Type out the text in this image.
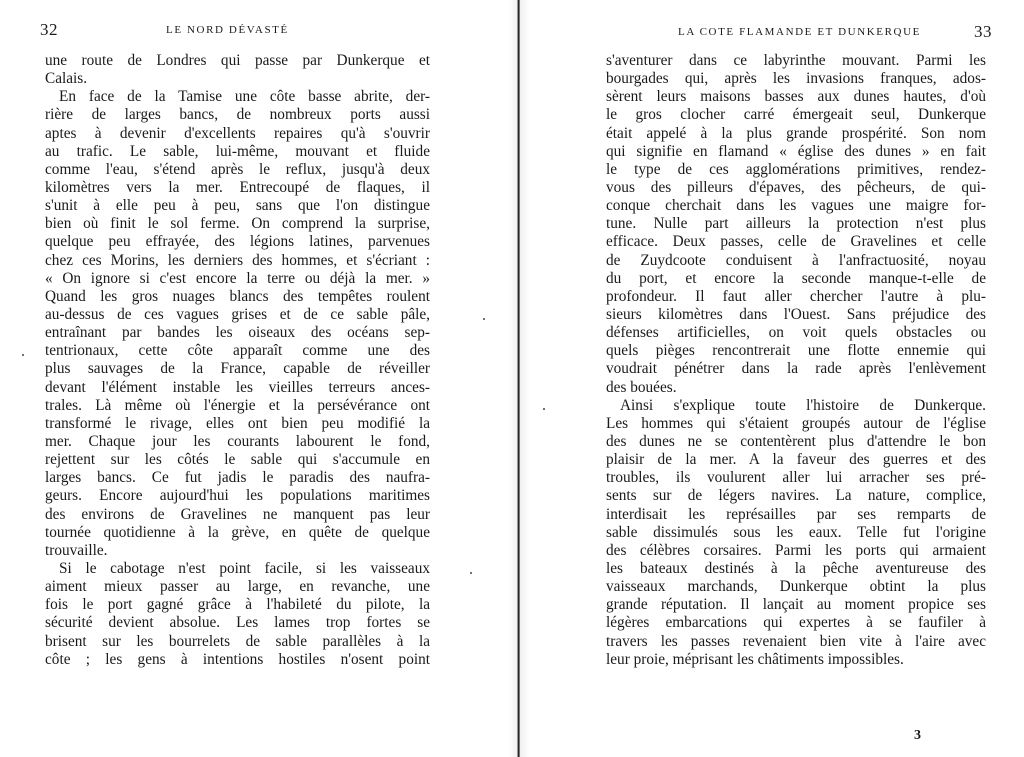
32	LE NORD DÉVASTÉ
une route de Londres qui passe par Dunkerque et
Calais.
En face de la Tamise une côte basse abrite, der-
rière de larges bancs, de nombreux ports aussi
aptes à devenir d'excellents repaires qu'à s'ouvrir
au trafic. Le sable, lui-même, mouvant et fluide
comme l'eau, s'étend après le reflux, jusqu'à deux
kilomètres vers la mer. Entrecoupé de flaques, il
s'unit à elle peu à peu, sans que l'on distingue
bien où finit le sol ferme. On comprend la surprise,
quelque peu effrayée, des légions latines, parvenues
chez ces Morins, les derniers des hommes, et s'écriant :
« On ignore si c'est encore la terre ou déjà la mer. »
Quand les gros nuages blancs des tempêtes roulent
au-dessus de ces vagues grises et de ce sable pâle,
entraînant par bandes les oiseaux des océans sep-
tentrionaux, cette côte apparaît comme une des
plus sauvages de la France, capable de réveiller
devant l'élément instable les vieilles terreurs ances-
trales. Là même où l'énergie et la persévérance ont
transformé le rivage, elles ont bien peu modifié la
mer. Chaque jour les courants labourent le fond,
rejettent sur les côtés le sable qui s'accumule en
larges bancs. Ce fut jadis le paradis des naufra-
geurs. Encore aujourd'hui les populations maritimes
des environs de Gravelines ne manquent pas leur
tournée quotidienne à la grève, en quête de quelque
trouvaille.
Si le cabotage n'est point facile, si les vaisseaux
aiment mieux passer au large, en revanche, une
fois le port gagné grâce à l'habileté du pilote, la
sécurité devient absolue. Les lames trop fortes se
brisent sur les bourrelets de sable parallèles à la
côte ; les gens à intentions hostiles n'osent point
LA COTE FLAMANDE ET DUNKERQUE	33
s'aventurer dans ce labyrinthe mouvant. Parmi les
bourgades qui, après les invasions franques, ados-
sèrent leurs maisons basses aux dunes hautes, d'où
le gros clocher carré émergeait seul, Dunkerque
était appelé à la plus grande prospérité. Son nom
qui signifie en flamand « église des dunes » en fait
le type de ces agglomérations primitives, rendez-
vous des pilleurs d'épaves, des pêcheurs, de qui-
conque cherchait dans les vagues une maigre for-
tune. Nulle part ailleurs la protection n'est plus
efficace. Deux passes, celle de Gravelines et celle
de Zuydcoote conduisent à l'anfractuosité, noyau
du port, et encore la seconde manque-t-elle de
profondeur. Il faut aller chercher l'autre à plu-
sieurs kilomètres dans l'Ouest. Sans préjudice des
défenses artificielles, on voit quels obstacles ou
quels pièges rencontrerait une flotte ennemie qui
voudrait pénétrer dans la rade après l'enlèvement
des bouées.
Ainsi s'explique toute l'histoire de Dunkerque.
Les hommes qui s'étaient groupés autour de l'église
des dunes ne se contentèrent plus d'attendre le bon
plaisir de la mer. A la faveur des guerres et des
troubles, ils voulurent aller lui arracher ses pré-
sents sur de légers navires. La nature, complice,
interdisait les représailles par ses remparts de
sable dissimulés sous les eaux. Telle fut l'origine
des célèbres corsaires. Parmi les ports qui armaient
les bateaux destinés à la pêche aventureuse des
vaisseaux marchands, Dunkerque obtint la plus
grande réputation. Il lançait au moment propice ses
légères embarcations qui expertes à se faufiler à
travers les passes revenaient bien vite à l'aire avec
leur proie, méprisant les châtiments impossibles.
3
